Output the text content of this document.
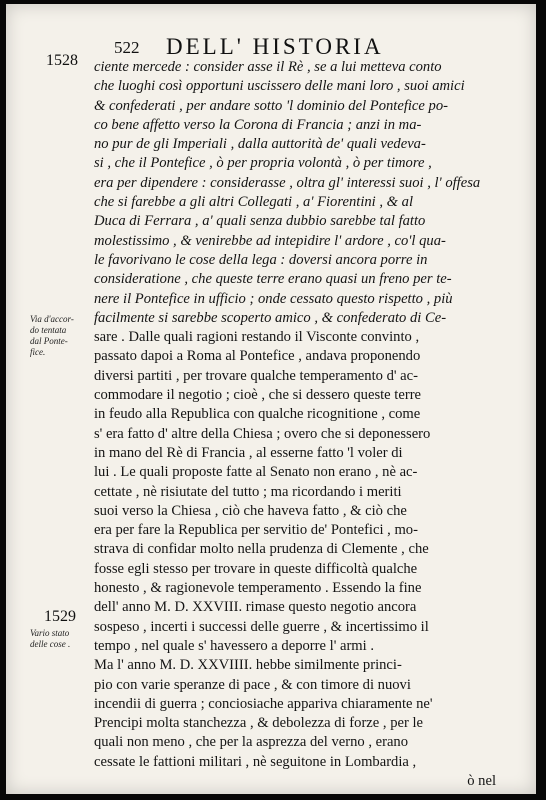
522 DELL' HISTORIA
1528
Via d'accor-
do tentata
dal Ponte-
fice.
1529
Vario stato
delle cose .
ciente mercede : consider asse il Rè , se a lui metteva conto
che luoghi così opportuni uscissero delle mani loro , suoi amici
& confederati , per andare sotto 'l dominio del Pontefice po-
co bene affetto verso la Corona di Francia ; anzi in ma-
no pur de gli Imperiali , dalla auttorità de' quali vedeva-
si , che il Pontefice , ò per propria volontà , ò per timore ,
era per dipendere : considerasse , oltra gl' interessi suoi , l' offesa
che si farebbe a gli altri Collegati , a' Fiorentini , & al
Duca di Ferrara , a' quali senza dubbio sarebbe tal fatto
molestissimo , & venirebbe ad intepidire l' ardore , co'l qua-
le favorivano le cose della lega : doversi ancora porre in
consideratione , che queste terre erano quasi un freno per te-
nere il Pontefice in ufficio ; onde cessato questo rispetto , più
facilmente si sarebbe scoperto amico , & confederato di Ce-
sare . Dalle quali ragioni restando il Visconte convinto ,
passato dapoi a Roma al Pontefice , andava proponendo
diversi partiti , per trovare qualche temperamento d' ac-
commodare il negotio ; cioè , che si dessero queste terre
in feudo alla Republica con qualche ricognitione , come
s' era fatto d' altre della Chiesa ; overo che si deponessero
in mano del Rè di Francia , al esserne fatto 'l voler di
lui . Le quali proposte fatte al Senato non erano , nè ac-
cettate , nè risiutate del tutto ; ma ricordando i meriti
suoi verso la Chiesa , ciò che haveva fatto , & ciò che
era per fare la Republica per servitio de' Pontefici , mo-
strava di confidar molto nella prudenza di Clemente , che
fosse egli stesso per trovare in queste difficoltà qualche
honesto , & ragionevole temperamento . Essendo la fine
dell' anno M. D. XXVIII. rimase questo negotio ancora
sospeso , incerti i successi delle guerre , & incertissimo il
tempo , nel quale s' havessero a deporre l' armi .
Ma l' anno M. D. XXVIIII. hebbe similmente princi-
pio con varie speranze di pace , & con timore di nuovi
incendii di guerra ; conciosiache appariva chiaramente ne'
Prencipi molta stanchezza , & debolezza di forze , per le
quali non meno , che per la asprezza del verno , erano
cessate le fattioni militari , nè seguitone in Lombardia ,
ò nel
